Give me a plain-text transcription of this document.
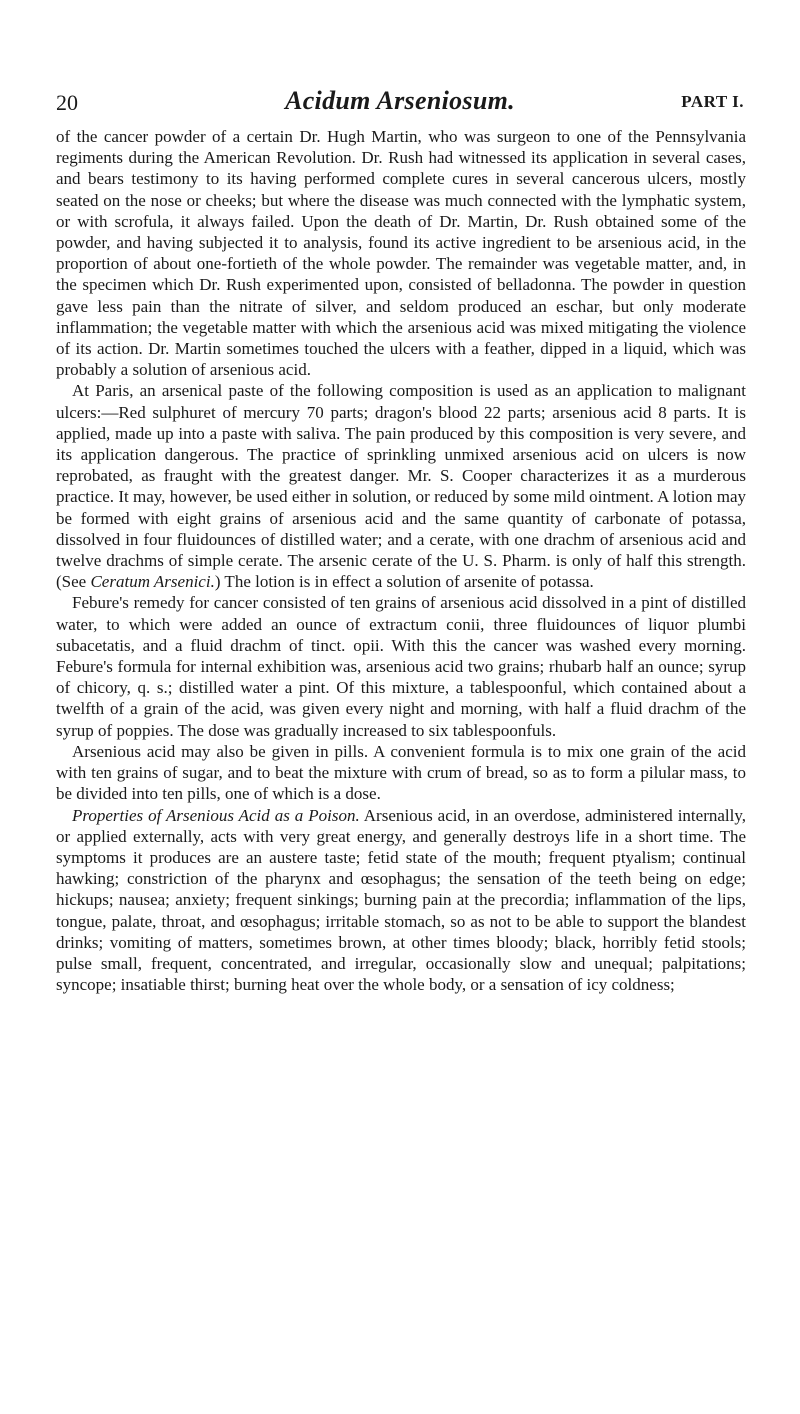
20	Acidum Arseniosum.	PART I.

of the cancer powder of a certain Dr. Hugh Martin, who was surgeon to one of the Pennsylvania regiments during the American Revolution. Dr. Rush had witnessed its application in several cases, and bears testimony to its having performed complete cures in several cancerous ulcers, mostly seated on the nose or cheeks; but where the disease was much connected with the lymphatic system, or with scrofula, it always failed. Upon the death of Dr. Martin, Dr. Rush obtained some of the powder, and having subjected it to analysis, found its active ingredient to be arsenious acid, in the proportion of about one-fortieth of the whole powder. The remainder was vegetable matter, and, in the specimen which Dr. Rush experimented upon, consisted of belladonna. The powder in question gave less pain than the nitrate of silver, and seldom produced an eschar, but only moderate inflammation; the vegetable matter with which the arsenious acid was mixed mitigating the violence of its action. Dr. Martin sometimes touched the ulcers with a feather, dipped in a liquid, which was probably a solution of arsenious acid.

At Paris, an arsenical paste of the following composition is used as an application to malignant ulcers:—Red sulphuret of mercury 70 parts; dragon's blood 22 parts; arsenious acid 8 parts. It is applied, made up into a paste with saliva. The pain produced by this composition is very severe, and its application dangerous. The practice of sprinkling unmixed arsenious acid on ulcers is now reprobated, as fraught with the greatest danger. Mr. S. Cooper characterizes it as a murderous practice. It may, however, be used either in solution, or reduced by some mild ointment. A lotion may be formed with eight grains of arsenious acid and the same quantity of carbonate of potassa, dissolved in four fluidounces of distilled water; and a cerate, with one drachm of arsenious acid and twelve drachms of simple cerate. The arsenic cerate of the U. S. Pharm. is only of half this strength. (See Ceratum Arsenici.) The lotion is in effect a solution of arsenite of potassa.

Febure's remedy for cancer consisted of ten grains of arsenious acid dissolved in a pint of distilled water, to which were added an ounce of extractum conii, three fluidounces of liquor plumbi subacetatis, and a fluid drachm of tinct. opii. With this the cancer was washed every morning. Febure's formula for internal exhibition was, arsenious acid two grains; rhubarb half an ounce; syrup of chicory, q. s.; distilled water a pint. Of this mixture, a tablespoonful, which contained about a twelfth of a grain of the acid, was given every night and morning, with half a fluid drachm of the syrup of poppies. The dose was gradually increased to six tablespoonfuls.

Arsenious acid may also be given in pills. A convenient formula is to mix one grain of the acid with ten grains of sugar, and to beat the mixture with crum of bread, so as to form a pilular mass, to be divided into ten pills, one of which is a dose.

Properties of Arsenious Acid as a Poison. Arsenious acid, in an overdose, administered internally, or applied externally, acts with very great energy, and generally destroys life in a short time. The symptoms it produces are an austere taste; fetid state of the mouth; frequent ptyalism; continual hawking; constriction of the pharynx and œsophagus; the sensation of the teeth being on edge; hickups; nausea; anxiety; frequent sinkings; burning pain at the precordia; inflammation of the lips, tongue, palate, throat, and œsophagus; irritable stomach, so as not to be able to support the blandest drinks; vomiting of matters, sometimes brown, at other times bloody; black, horribly fetid stools; pulse small, frequent, concentrated, and irregular, occasionally slow and unequal; palpitations; syncope; insatiable thirst; burning heat over the whole body, or a sensation of icy coldness;
